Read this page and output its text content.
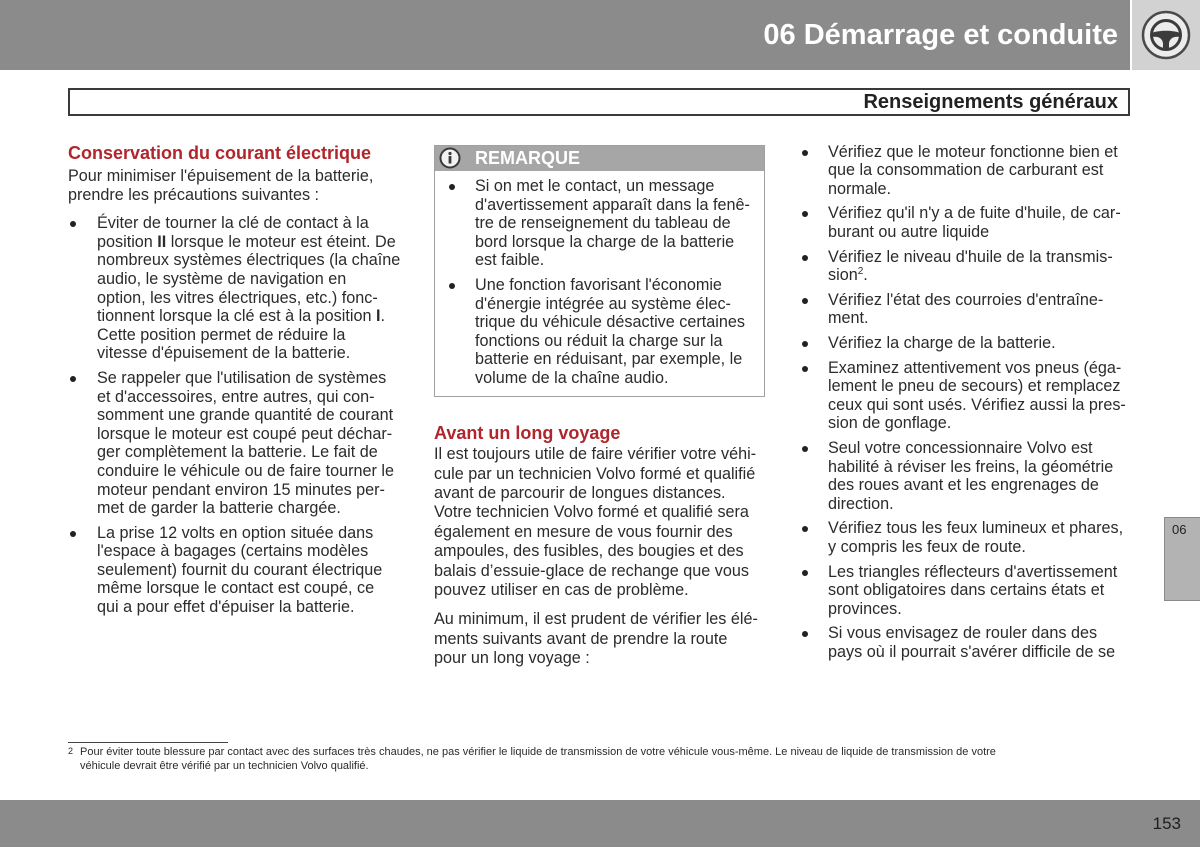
06 Démarrage et conduite
Renseignements généraux
Conservation du courant électrique
Pour minimiser l'épuisement de la batterie,
prendre les précautions suivantes :
Éviter de tourner la clé de contact à la
position II lorsque le moteur est éteint. De
nombreux systèmes électriques (la chaîne
audio, le système de navigation en
option, les vitres électriques, etc.) fonc-
tionnent lorsque la clé est à la position I.
Cette position permet de réduire la
vitesse d'épuisement de la batterie.
Se rappeler que l'utilisation de systèmes
et d'accessoires, entre autres, qui con-
somment une grande quantité de courant
lorsque le moteur est coupé peut déchar-
ger complètement la batterie. Le fait de
conduire le véhicule ou de faire tourner le
moteur pendant environ 15 minutes per-
met de garder la batterie chargée.
La prise 12 volts en option située dans
l'espace à bagages (certains modèles
seulement) fournit du courant électrique
même lorsque le contact est coupé, ce
qui a pour effet d'épuiser la batterie.
REMARQUE
Si on met le contact, un message
d'avertissement apparaît dans la fenê-
tre de renseignement du tableau de
bord lorsque la charge de la batterie
est faible.
Une fonction favorisant l'économie
d'énergie intégrée au système élec-
trique du véhicule désactive certaines
fonctions ou réduit la charge sur la
batterie en réduisant, par exemple, le
volume de la chaîne audio.
Avant un long voyage
Il est toujours utile de faire vérifier votre véhi-
cule par un technicien Volvo formé et qualifié
avant de parcourir de longues distances.
Votre technicien Volvo formé et qualifié sera
également en mesure de vous fournir des
ampoules, des fusibles, des bougies et des
balais d’essuie-glace de rechange que vous
pouvez utiliser en cas de problème.
Au minimum, il est prudent de vérifier les élé-
ments suivants avant de prendre la route
pour un long voyage :
Vérifiez que le moteur fonctionne bien et
que la consommation de carburant est
normale.
Vérifiez qu'il n'y a de fuite d'huile, de car-
burant ou autre liquide
Vérifiez le niveau d'huile de la transmis-
sion$^2$.
Vérifiez l'état des courroies d'entraîne-
ment.
Vérifiez la charge de la batterie.
Examinez attentivement vos pneus (éga-
lement le pneu de secours) et remplacez
ceux qui sont usés. Vérifiez aussi la pres-
sion de gonflage.
Seul votre concessionnaire Volvo est
habilité à réviser les freins, la géométrie
des roues avant et les engrenages de
direction.
Vérifiez tous les feux lumineux et phares,
y compris les feux de route.
Les triangles réflecteurs d'avertissement
sont obligatoires dans certains états et
provinces.
Si vous envisagez de rouler dans des
pays où il pourrait s'avérer difficile de se
06
2 Pour éviter toute blessure par contact avec des surfaces très chaudes, ne pas vérifier le liquide de transmission de votre véhicule vous-même. Le niveau de liquide de transmission de votre
véhicule devrait être vérifié par un technicien Volvo qualifié.
153
